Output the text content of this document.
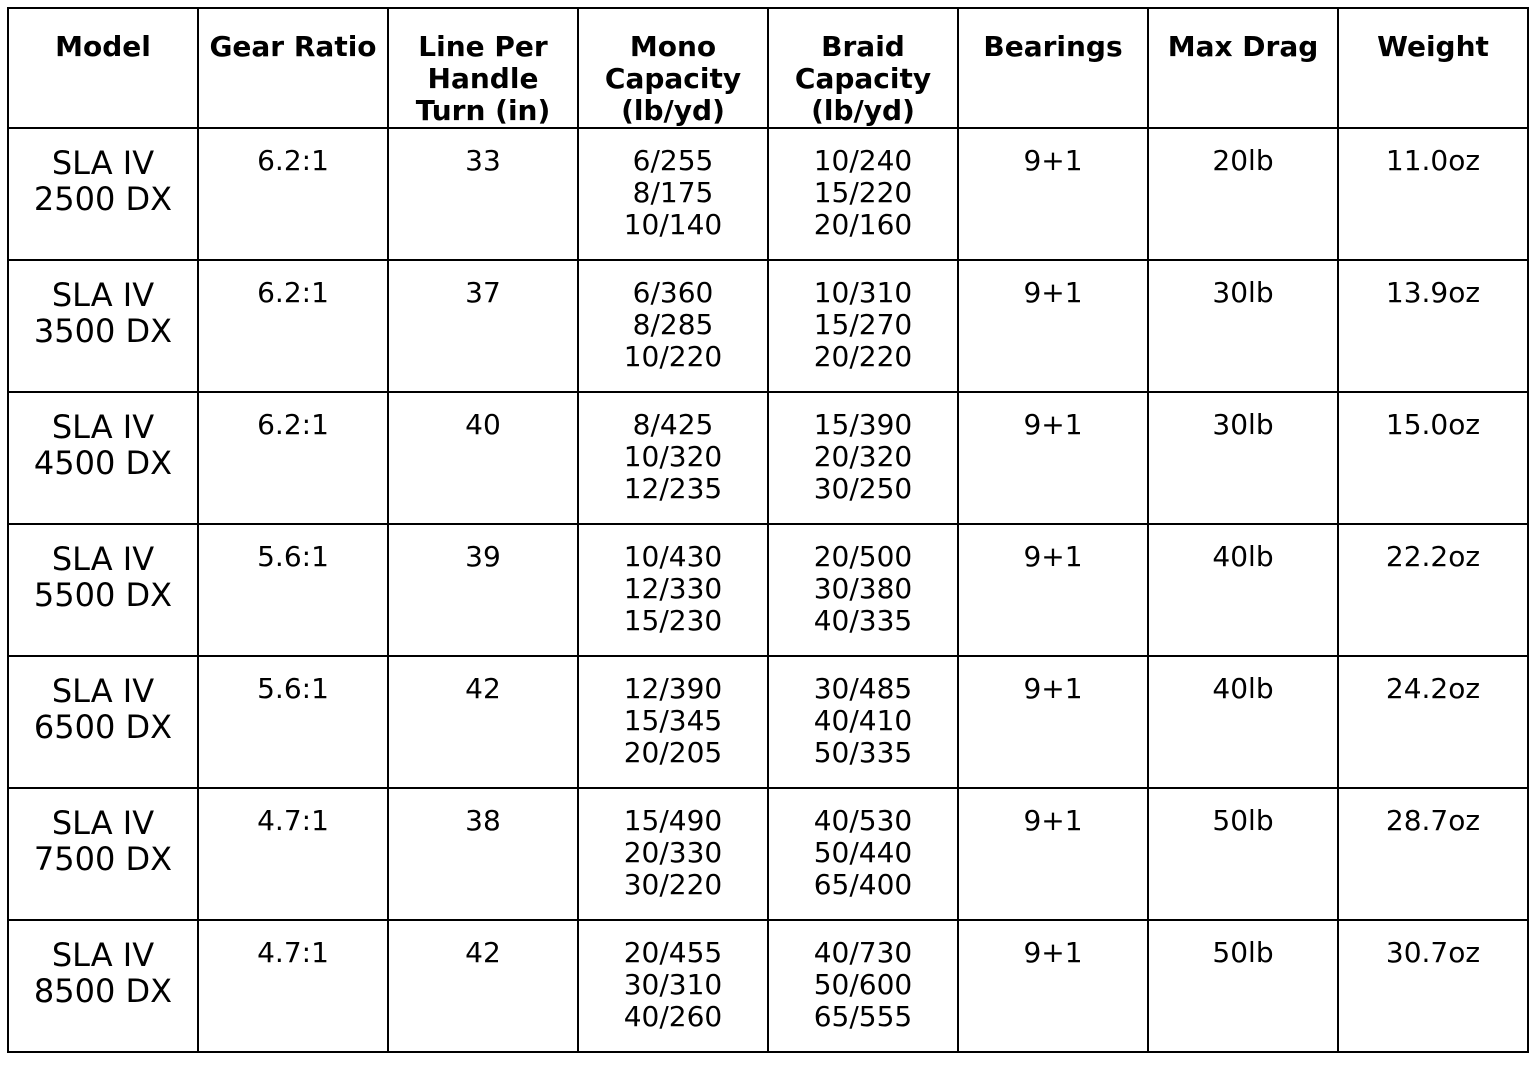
Model	Gear Ratio	Line Per
Handle
Turn (in)	Mono
Capacity
(lb/yd)	Braid
Capacity
(lb/yd)	Bearings	Max Drag	Weight

SLA IV
2500 DX	6.2:1	33	6/255
8/175
10/140	10/240
15/220
20/160	9+1	20lb	11.0oz

SLA IV
3500 DX	6.2:1	37	6/360
8/285
10/220	10/310
15/270
20/220	9+1	30lb	13.9oz

SLA IV
4500 DX	6.2:1	40	8/425
10/320
12/235	15/390
20/320
30/250	9+1	30lb	15.0oz

SLA IV
5500 DX	5.6:1	39	10/430
12/330
15/230	20/500
30/380
40/335	9+1	40lb	22.2oz

SLA IV
6500 DX	5.6:1	42	12/390
15/345
20/205	30/485
40/410
50/335	9+1	40lb	24.2oz

SLA IV
7500 DX	4.7:1	38	15/490
20/330
30/220	40/530
50/440
65/400	9+1	50lb	28.7oz

SLA IV
8500 DX	4.7:1	42	20/455
30/310
40/260	40/730
50/600
65/555	9+1	50lb	30.7oz
